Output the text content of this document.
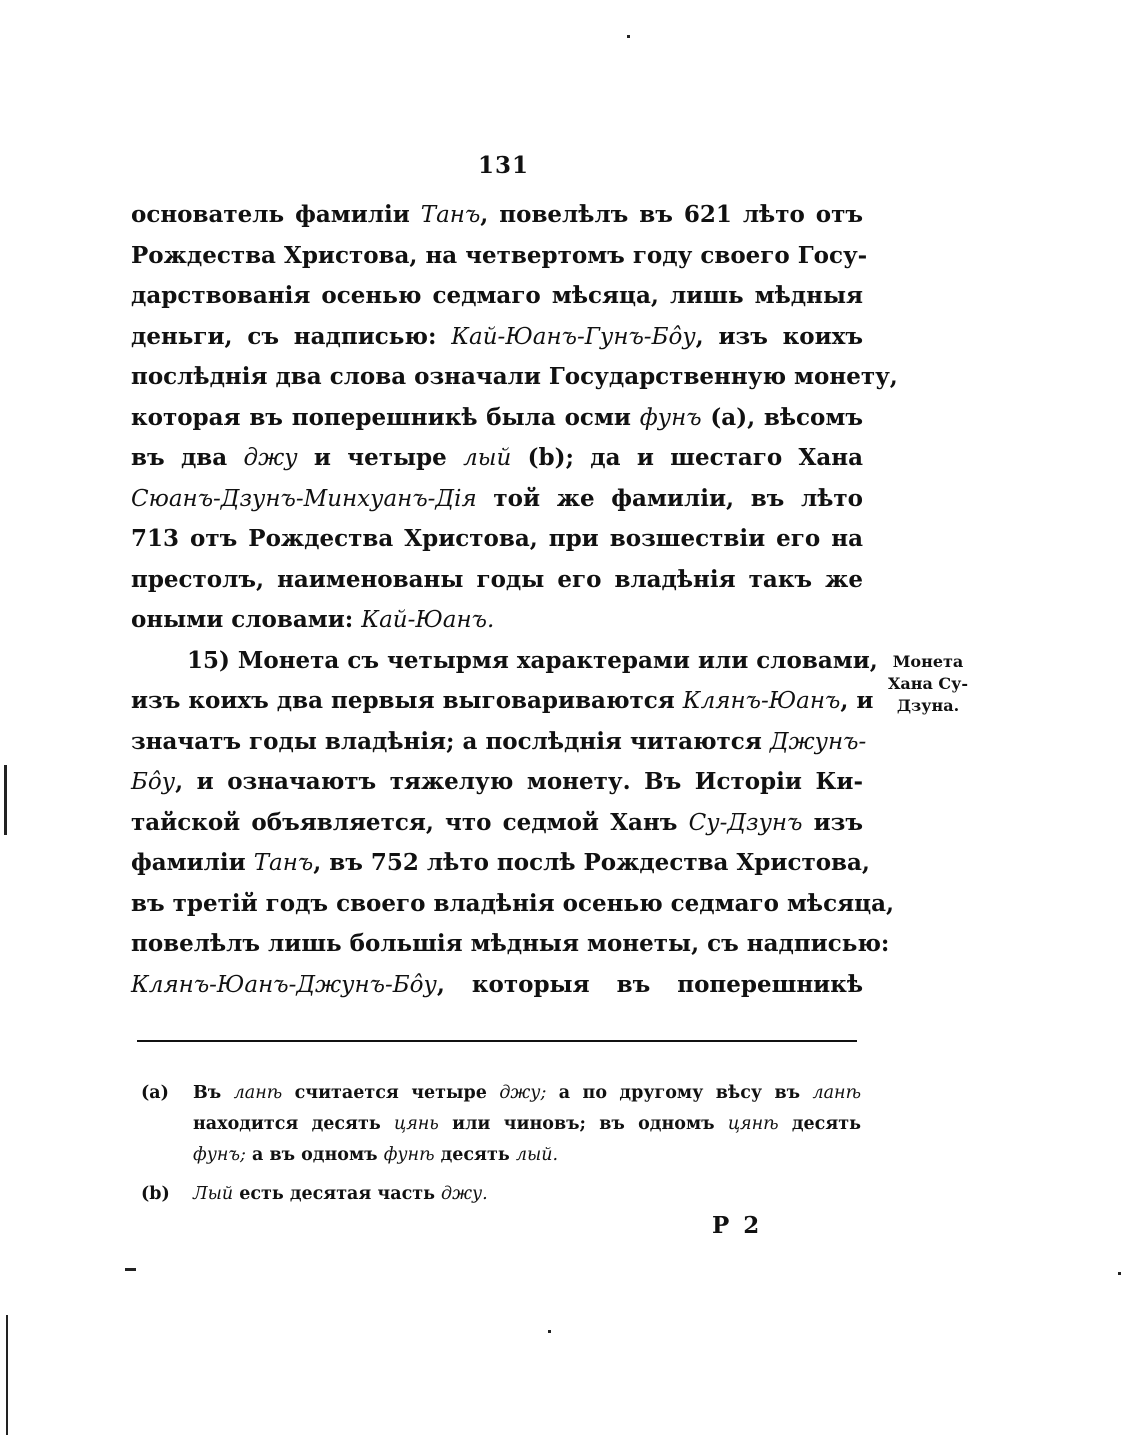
131
основатель фамиліи Танъ, повелѣлъ въ 621 лѣто отъ
Рождества Христова, на четвертомъ году своего Госу-
дарствованія осенью седмаго мѣсяца, лишь мѣдныя
деньги, съ надписью: Кай-Юанъ-Гунъ-Бôу, изъ коихъ
послѣднія два слова означали Государственную монету,
которая въ поперешникѣ была осми фунъ (a), вѣсомъ
въ два джу и четыре лый (b); да и шестаго Хана
Сюанъ-Дзунъ-Минхуанъ-Дія той же фамиліи, въ лѣто
713 отъ Рождества Христова, при возшествіи его на
престолъ, наименованы годы его владѣнія такъ же
оными словами: Кай-Юанъ.
15) Монета съ четырмя характерами или словами,
изъ коихъ два первыя выговариваются Клянъ-Юанъ, и
значатъ годы владѣнія; а послѣднія читаются Джунъ-
Бôу, и означаютъ тяжелую монету. Въ Исторіи Ки-
тайской объявляется, что седмой Ханъ Су-Дзунъ изъ
фамиліи Танъ, въ 752 лѣто послѣ Рождества Христова,
въ третій годъ своего владѣнія осенью седмаго мѣсяца,
повелѣлъ лишь большія мѣдныя монеты, съ надписью:
Клянъ-Юанъ-Джунъ-Бôу, которыя въ поперешникѣ
Монета
Хана Су-
Дзуна.
(a) Въ ланѣ считается четыре джу; а по другому вѣсу въ ланѣ
находится десять цянь или чиновъ; въ одномъ цянѣ десять
фунъ; а въ одномъ фунѣ десять лый.
(b) Лый есть десятая часть джу.
P 2
